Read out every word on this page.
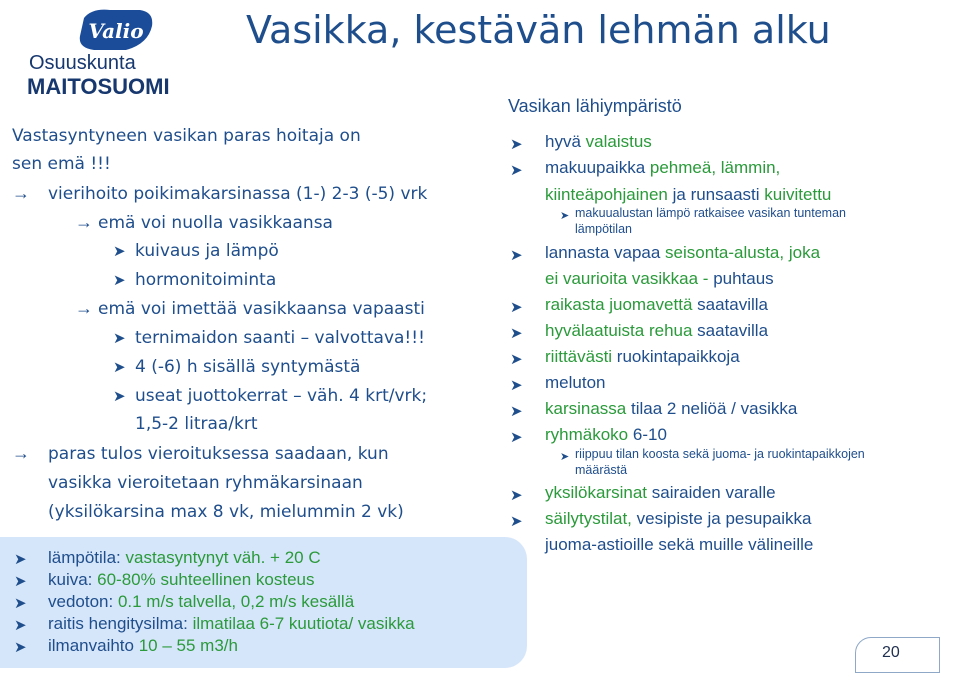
Valio
Osuuskunta
MAITOSUOMI
Vasikka, kestävän lehmän alku
Vastasyntyneen vasikan paras hoitaja on
sen emä !!!
→ vierihoito poikimakarsinassa (1-) 2-3 (-5) vrk
→ emä voi nuolla vasikkaansa
➤ kuivaus ja lämpö
➤ hormonitoiminta
→ emä voi imettää vasikkaansa vapaasti
➤ ternimaidon saanti – valvottava!!!
➤ 4 (-6) h sisällä syntymästä
➤ useat juottokerrat – väh. 4 krt/vrk;
1,5-2 litraa/krt
→ paras tulos vieroituksessa saadaan, kun
vasikka vieroitetaan ryhmäkarsinaan
(yksilökarsina max 8 vk, mielummin 2 vk)
➤ lämpötila: vastasyntynyt väh. + 20 C
➤ kuiva: 60-80% suhteellinen kosteus
➤ vedoton: 0.1 m/s talvella, 0,2 m/s kesällä
➤ raitis hengitysilma: ilmatilaa 6-7 kuutiota/ vasikka
➤ ilmanvaihto 10 – 55 m3/h
Vasikan lähiympäristö
➤ hyvä valaistus
➤ makuupaikka pehmeä, lämmin,
kiinteäpohjainen ja runsaasti kuivitettu
➤ makuualustan lämpö ratkaisee vasikan tunteman
lämpötilan
➤ lannasta vapaa seisonta-alusta, joka
ei vaurioita vasikkaa - puhtaus
➤ raikasta juomavettä saatavilla
➤ hyvälaatuista rehua saatavilla
➤ riittävästi ruokintapaikkoja
➤ meluton
➤ karsinassa tilaa 2 neliöä / vasikka
➤ ryhmäkoko 6-10
➤ riippuu tilan koosta sekä juoma- ja ruokintapaikkojen
määrästä
➤ yksilökarsinat sairaiden varalle
➤ säilytystilat, vesipiste ja pesupaikka
juoma-astioille sekä muille välineille
20
